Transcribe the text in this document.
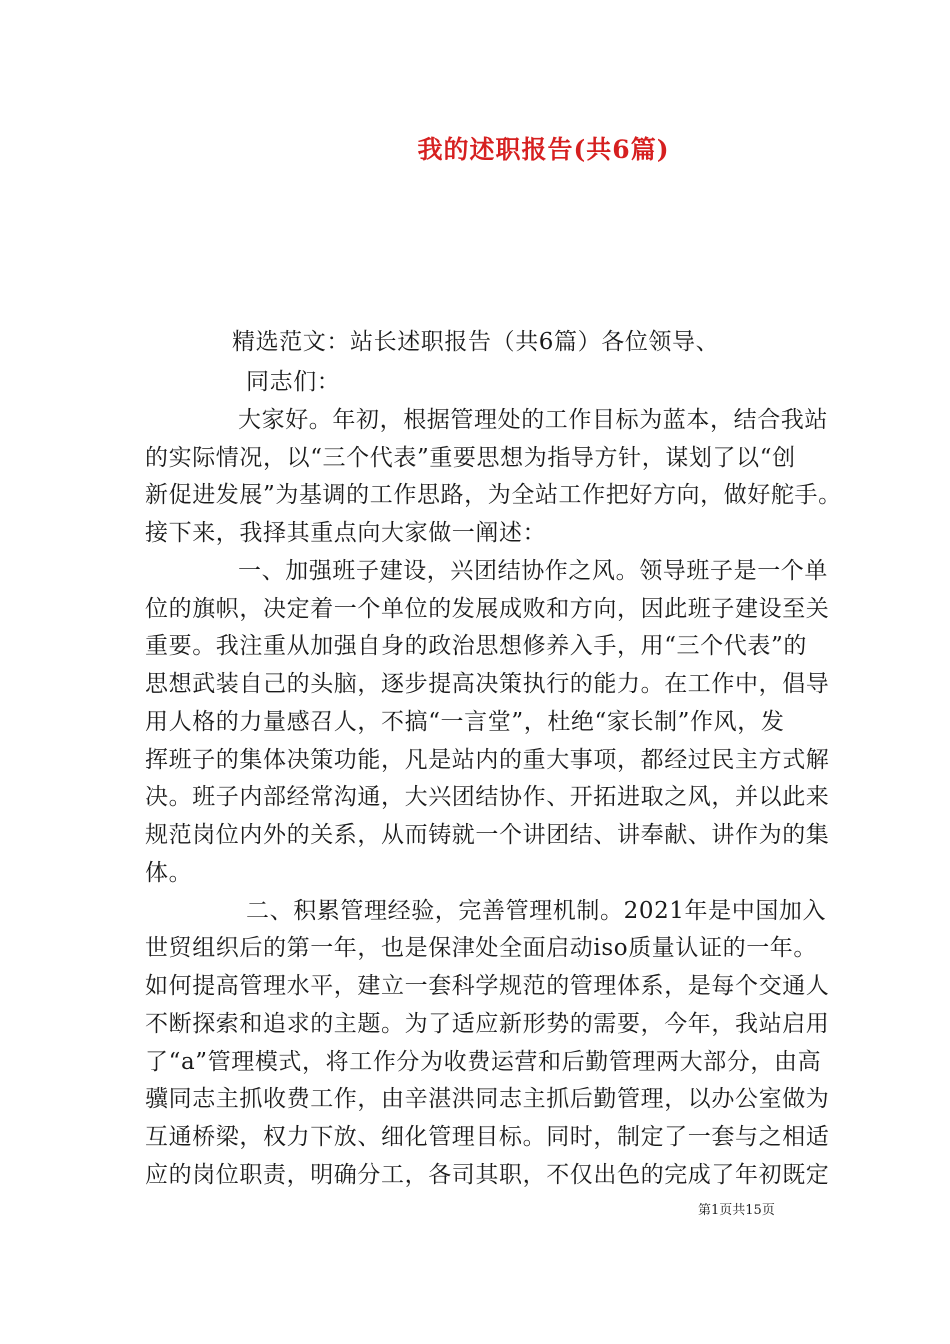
我的述职报告(共6篇)
精选范文：站长述职报告（共6篇）各位领导、
同志们：
大家好。年初，根据管理处的工作目标为蓝本，结合我站
的实际情况，以“三个代表”重要思想为指导方针，谋划了以“创
新促进发展”为基调的工作思路，为全站工作把好方向，做好舵手。
接下来，我择其重点向大家做一阐述：
一、加强班子建设，兴团结协作之风。领导班子是一个单
位的旗帜，决定着一个单位的发展成败和方向，因此班子建设至关
重要。我注重从加强自身的政治思想修养入手，用“三个代表”的
思想武装自己的头脑，逐步提高决策执行的能力。在工作中，倡导
用人格的力量感召人，不搞“一言堂”，杜绝“家长制”作风，发
挥班子的集体决策功能，凡是站内的重大事项，都经过民主方式解
决。班子内部经常沟通，大兴团结协作、开拓进取之风，并以此来
规范岗位内外的关系，从而铸就一个讲团结、讲奉献、讲作为的集
体。
二、积累管理经验，完善管理机制。2021年是中国加入
世贸组织后的第一年，也是保津处全面启动iso质量认证的一年。
如何提高管理水平，建立一套科学规范的管理体系，是每个交通人
不断探索和追求的主题。为了适应新形势的需要，今年，我站启用
了“a”管理模式，将工作分为收费运营和后勤管理两大部分，由高
骥同志主抓收费工作，由辛湛洪同志主抓后勤管理，以办公室做为
互通桥梁，权力下放、细化管理目标。同时，制定了一套与之相适
应的岗位职责，明确分工，各司其职，不仅出色的完成了年初既定
第1页共15页
